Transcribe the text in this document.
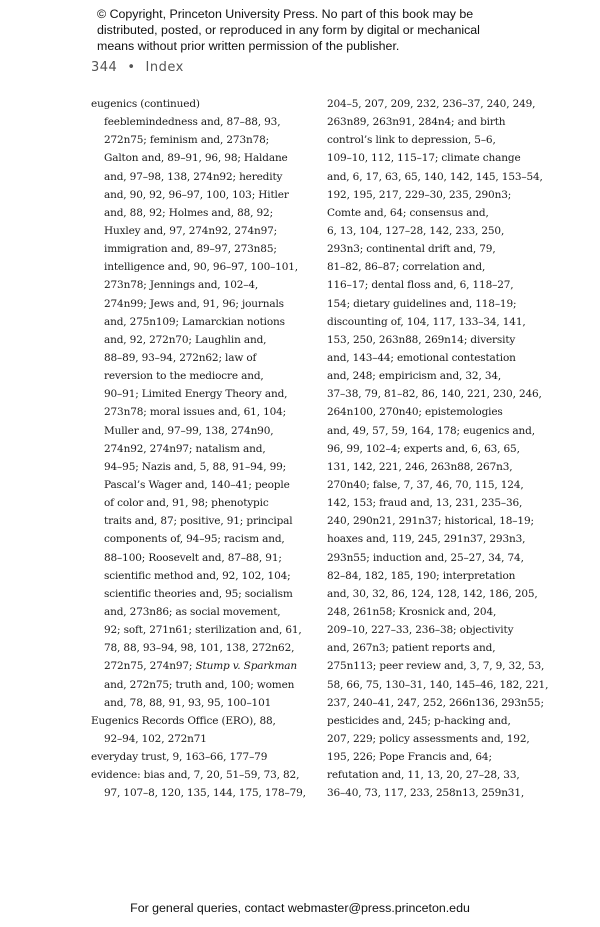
© Copyright, Princeton University Press. No part of this book may be
distributed, posted, or reproduced in any form by digital or mechanical
means without prior written permission of the publisher.
344 • Index
eugenics (continued)
feeblemindedness and, 87–88, 93,
272n75; feminism and, 273n78;
Galton and, 89–91, 96, 98; Haldane
and, 97–98, 138, 274n92; heredity
and, 90, 92, 96–97, 100, 103; Hitler
and, 88, 92; Holmes and, 88, 92;
Huxley and, 97, 274n92, 274n97;
immigration and, 89–97, 273n85;
intelligence and, 90, 96–97, 100–101,
273n78; Jennings and, 102–4,
274n99; Jews and, 91, 96; journals
and, 275n109; Lamarckian notions
and, 92, 272n70; Laughlin and,
88–89, 93–94, 272n62; law of
reversion to the mediocre and,
90–91; Limited Energy Theory and,
273n78; moral issues and, 61, 104;
Muller and, 97–99, 138, 274n90,
274n92, 274n97; natalism and,
94–95; Nazis and, 5, 88, 91–94, 99;
Pascal’s Wager and, 140–41; people
of color and, 91, 98; phenotypic
traits and, 87; positive, 91; principal
components of, 94–95; racism and,
88–100; Roosevelt and, 87–88, 91;
scientific method and, 92, 102, 104;
scientific theories and, 95; socialism
and, 273n86; as social movement,
92; soft, 271n61; sterilization and, 61,
78, 88, 93–94, 98, 101, 138, 272n62,
272n75, 274n97; Stump v. Sparkman
and, 272n75; truth and, 100; women
and, 78, 88, 91, 93, 95, 100–101
Eugenics Records Office (ERO), 88,
92–94, 102, 272n71
everyday trust, 9, 163–66, 177–79
evidence: bias and, 7, 20, 51–59, 73, 82,
97, 107–8, 120, 135, 144, 175, 178–79,
204–5, 207, 209, 232, 236–37, 240, 249,
263n89, 263n91, 284n4; and birth
control’s link to depression, 5–6,
109–10, 112, 115–17; climate change
and, 6, 17, 63, 65, 140, 142, 145, 153–54,
192, 195, 217, 229–30, 235, 290n3;
Comte and, 64; consensus and,
6, 13, 104, 127–28, 142, 233, 250,
293n3; continental drift and, 79,
81–82, 86–87; correlation and,
116–17; dental floss and, 6, 118–27,
154; dietary guidelines and, 118–19;
discounting of, 104, 117, 133–34, 141,
153, 250, 263n88, 269n14; diversity
and, 143–44; emotional contestation
and, 248; empiricism and, 32, 34,
37–38, 79, 81–82, 86, 140, 221, 230, 246,
264n100, 270n40; epistemologies
and, 49, 57, 59, 164, 178; eugenics and,
96, 99, 102–4; experts and, 6, 63, 65,
131, 142, 221, 246, 263n88, 267n3,
270n40; false, 7, 37, 46, 70, 115, 124,
142, 153; fraud and, 13, 231, 235–36,
240, 290n21, 291n37; historical, 18–19;
hoaxes and, 119, 245, 291n37, 293n3,
293n55; induction and, 25–27, 34, 74,
82–84, 182, 185, 190; interpretation
and, 30, 32, 86, 124, 128, 142, 186, 205,
248, 261n58; Krosnick and, 204,
209–10, 227–33, 236–38; objectivity
and, 267n3; patient reports and,
275n113; peer review and, 3, 7, 9, 32, 53,
58, 66, 75, 130–31, 140, 145–46, 182, 221,
237, 240–41, 247, 252, 266n136, 293n55;
pesticides and, 245; p-hacking and,
207, 229; policy assessments and, 192,
195, 226; Pope Francis and, 64;
refutation and, 11, 13, 20, 27–28, 33,
36–40, 73, 117, 233, 258n13, 259n31,
For general queries, contact webmaster@press.princeton.edu
